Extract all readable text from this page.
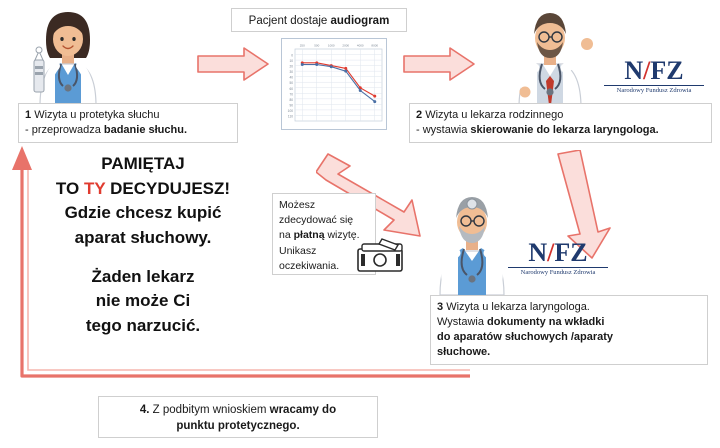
Pacjent dostaje audiogram
0
10
20
30
40
50
60
70
80
90
100
110
250	500	1000	2000	4000	8000
N/FZ
Narodowy Fundusz Zdrowia
1 Wizyta u protetyka słuchu
- przeprowadza badanie słuchu.
2 Wizyta u lekarza rodzinnego
- wystawia skierowanie do lekarza laryngologa.
N/FZ
Narodowy Fundusz Zdrowia
Możesz
zdecydować się
na płatną wizytę.
Unikasz
oczekiwania.
3 Wizyta u lekarza laryngologa.
Wystawia dokumenty na wkładki
do aparatów słuchowych /aparaty
słuchowe.
4. Z podbitym wnioskiem wracamy do
punktu protetycznego.
PAMIĘTAJ
TO TY DECYDUJESZ!
Gdzie chcesz kupić
aparat słuchowy.
Żaden lekarz
nie może Ci
tego narzucić.
